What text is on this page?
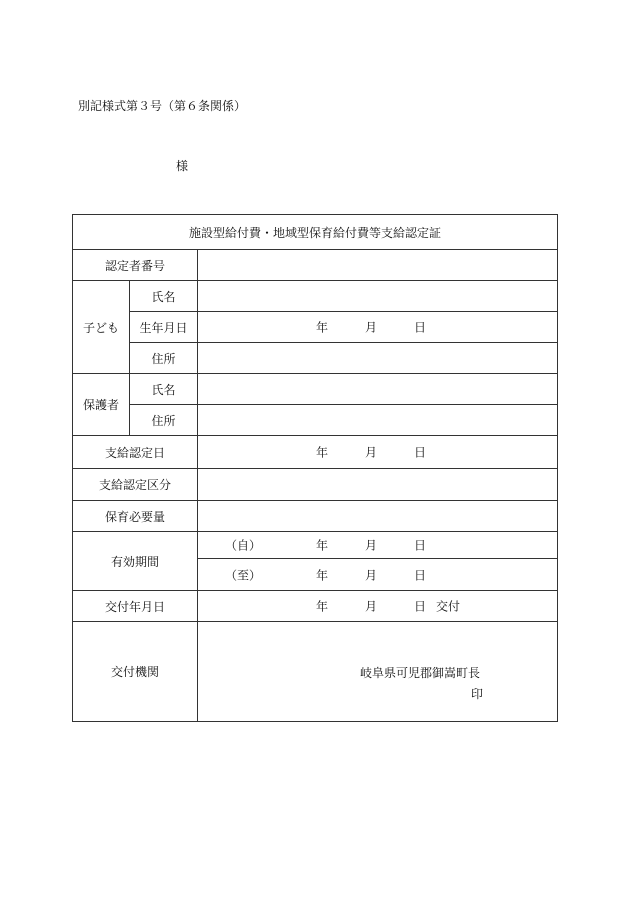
別記様式第３号（第６条関係）
様
施設型給付費・地域型保育給付費等支給認定証		
認定者番号		
子ども	氏名	
	生年月日	年 月 日

	住所	
保護者	氏名	
	住所	
支給認定日		年 月 日

支給認定区分		
保育必要量		
有効期間		（自） 年 月 日

		（至） 年 月 日

交付年月日		年 月 日 交付

交付機関		岐阜県可児郡御嵩町長
印
